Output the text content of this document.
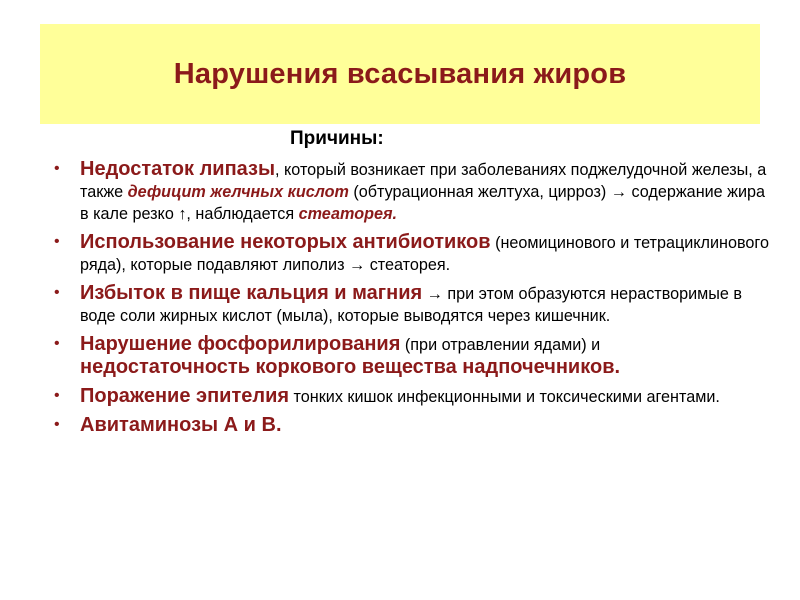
Нарушения всасывания жиров
Причины:
• Недостаток липазы, который возникает при заболеваниях поджелудочной железы, а также дефицит желчных кислот (обтурационная желтуха, цирроз) → содержание жира в кале резко ↑, наблюдается стеаторея.
• Использование некоторых антибиотиков (неомицинового и тетрациклинового ряда), которые подавляют липолиз → стеаторея.
• Избыток в пище кальция и магния → при этом образуются нерастворимые в воде соли жирных кислот (мыла), которые выводятся через кишечник.
• Нарушение фосфорилирования (при отравлении ядами) и недостаточность коркового вещества надпочечников.
• Поражение эпителия тонких кишок инфекционными и токсическими агентами.
• Авитаминозы А и В.
